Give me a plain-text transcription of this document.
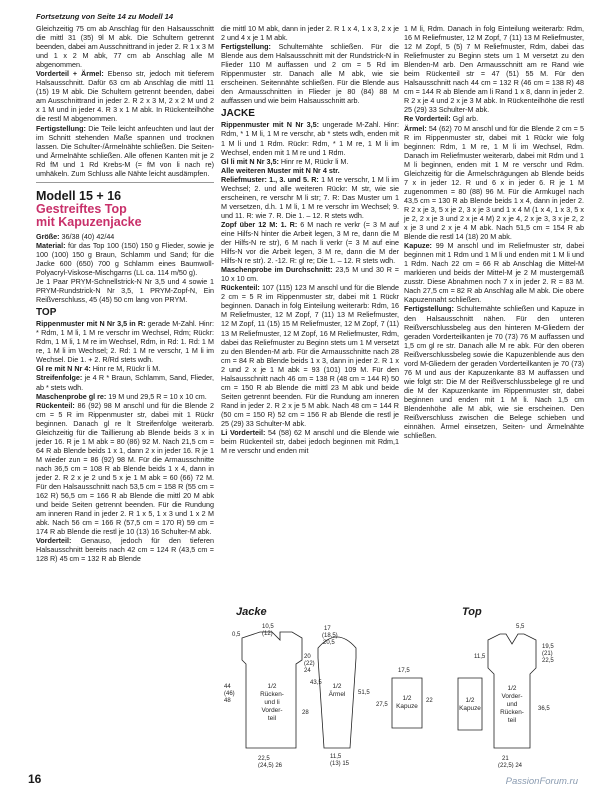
Fortsetzung von Seite 14 zu Modell 14

Gleichzeitig 75 cm ab Anschlag für den Halsausschnitt die mittl 31 (35) 9l M abk. Die Schultern getrennt beenden, dabei am Ausschnittrand in jeder 2. R 1 x 3 M und 1 x 2 M abk, 77 cm ab Anschlag alle M abgenommen.

Vorderteil + Ärmel: Ebenso str, jedoch mit tieferem Halsausschnitt. Dafür 63 cm ab Anschlag die mittl 11 (15) 19 M abk. Die Schultern getrennt beenden, dabei am Ausschnittrand in jeder 2. R 2 x 3 M, 2 x 2 M und 2 x 1 M und in jeder 4. R 3 x 1 M abk. In Rückenteilhöhe die restl M abgenommen.

Fertigstellung: Die Teile leicht anfeuchten und laut der im Schnitt stehenden Maße spannen und trocknen lassen. Die Schulter-/Ärmelnähte schließen. Die Seiten- und Ärmelnähte schließen. Alle offenen Kanten mit je 2 Rd fM und 1 Rd Krebs-M (= fM von li nach re) umhäkeln. Zum Schluss alle Nähte leicht ausdämpfen.

Modell 15 + 16
Gestreiftes Top
mit Kapuzenjacke

Größe: 36/38 (40) 42/44

Material: für das Top 100 (150) 150 g Flieder, sowie je 100 (100) 150 g Braun, Schlamm und Sand; für die Jacke 600 (650) 700 g Schlamm eines Baumwoll-Polyacryl-Viskose-Mischgarns (LL ca. 114 m/50 g).

Je 1 Paar PRYM-Schnellstrick-N Nr 3,5 und 4 sowie 1 PRYM-Rundstrick-N Nr 3,5, 1 PRYM-Zopf-N, Ein Reißverschluss, 45 (45) 50 cm lang von PRYM.

TOP

Rippenmuster mit N Nr 3,5 in R: gerade M-Zahl. Hinr: * Rdm, 1 M li, 1 M re verschr im Wechsel, Rdm; Rückr: Rdm, 1 M li, 1 M re im Wechsel, Rdm, in Rd: 1. Rd: 1 M re, 1 M li im Wechsel; 2. Rd: 1 M re verschr, 1 M li im Wechsel. Die 1. + 2. R/Rd stets wdh.

Gl re mit N Nr 4: Hinr re M, Rückr li M.

Streifenfolge: je 4 R * Braun, Schlamm, Sand, Flieder, ab * stets wdh.

Maschenprobe gl re: 19 M und 29,5 R = 10 x 10 cm.

Rückenteil: 86 (92) 98 M anschl und für die Blende 2 cm = 5 R im Rippenmuster str, dabei mit 1 Rückr beginnen. Danach gl re lt Streifenfolge weiterarb. Gleichzeitig für die Taillierung ab Blende beids 3 x in jeder 16. R je 1 M abk = 80 (86) 92 M. Nach 21,5 cm = 64 R ab Blende beids 1 x 1, dann 2 x in jeder 16. R je 1 M wieder zun = 86 (92) 98 M. Für die Armausschnitte nach 36,5 cm = 108 R ab Blende beids 1 x 4, dann in jeder 2. R 2 x je 2 und 5 x je 1 M abk = 60 (66) 72 M. Für den Halsausschnitt nach 53,5 cm = 158 R (55 cm = 162 R) 56,5 cm = 166 R ab Blende die mittl 20 M abk und beide Seiten getrennt beenden. Für die Rundung am inneren Rand in jeder 2. R 1 x 5, 1 x 3 und 1 x 2 M abk. Nach 56 cm = 166 R (57,5 cm = 170 R) 59 cm = 174 R ab Blende die restl je 10 (13) 16 Schulter-M abk.

Vorderteil: Genauso, jedoch für den tieferen Halsausschnitt bereits nach 42 cm = 124 R (43,5 cm = 128 R) 45 cm = 132 R ab Blende

die mittl 10 M abk, dann in jeder 2. R 1 x 4, 1 x 3, 2 x je 2 und 4 x je 1 M abk.

Fertigstellung: Schulternähte schließen. Für die Blende aus dem Halsausschnitt mit der Rundstrick-N in Flieder 110 M auffassen und 2 cm = 5 Rd im Rippenmuster str. Danach alle M abk, wie sie erscheinen. Seitennähte schließen. Für die Blende aus den Armausschnitten in Flieder je 80 (84) 88 M auffassen und wie beim Halsausschnitt arb.

JACKE

Rippenmuster mit N Nr 3,5: ungerade M-Zahl. Hinr: Rdm, * 1 M li, 1 M re verschr, ab * stets wdh, enden mit 1 M li und 1 Rdm. Rückr: Rdm, * 1 M re, 1 M li im Wechsel, enden mit 1 M re und 1 Rdm.

Gl li mit N Nr 3,5: Hinr re M, Rückr li M.

Alle weiteren Muster mit N Nr 4 str.

Reliefmuster: 1., 3. und 5. R: 1 M re verschr, 1 M li im Wechsel; 2. und alle weiteren Rückr: M str, wie sie erscheinen, re verschr M li str; 7. R: Das Muster um 1 M versetzen, d.h. 1 M li, 1 M re verschr im Wechsel; 9. und 11. R: wie 7. R. Die 1. – 12. R stets wdh.

Zopf über 12 M: 1. R: 6 M nach re verkr (= 3 M auf eine Hilfs-N hinter die Arbeit legen, 3 M re, dann die M der Hilfs-N re str), 6 M nach li verkr (= 3 M auf eine Hilfs-N vor die Arbeit legen, 3 M re, dann die M der Hilfs-N re str). 2. -12. R: gl re; Die 1. – 12. R stets wdh.

Maschenprobe im Durchschnitt: 23,5 M und 30 R = 10 x 10 cm.

Rückenteil: 107 (115) 123 M anschl und für die Blende 2 cm = 5 R im Rippenmuster str, dabei mit 1 Rückr beginnen. Danach in folg Einteilung weiterarb: Rdm, 16 M Reliefmuster, 12 M Zopf, 7 (11) 13 M Reliefmuster, 12 M Zopf, 11 (15) 15 M Reliefmuster, 12 M Zopf, 7 (11) 13 M Reliefmuster, 12 M Zopf, 16 M Reliefmuster, Rdm, dabei das Reliefmuster zu Beginn stets um 1 M versetzt zu den Blenden-M arb. Für die Armausschnitte nach 28 cm = 84 R ab Blende beids 1 x 3, dann in jeder 2. R 1 x 2 und 2 x je 1 M abk = 93 (101) 109 M. Für den Halsausschnitt nach 46 cm = 138 R (48 cm = 144 R) 50 cm = 150 R ab Blende die mittl 23 M abk und beide Seiten getrennt beenden. Für die Rundung am inneren Rand in jeder 2. R 2 x je 5 M abk. Nach 48 cm = 144 R (50 cm = 150 R) 52 cm = 156 R ab Blende die restl je 25 (29) 33 Schulter-M abk.

Li Vorderteil: 54 (58) 62 M anschl und die Blende wie beim Rückenteil str, dabei jedoch beginnen mit Rdm,1 M re verschr und enden mit

1 M li, Rdm. Danach in folg Einteilung weiterarb: Rdm, 16 M Reliefmuster, 12 M Zopf, 7 (11) 13 M Reliefmuster, 12 M Zopf, 5 (5) 7 M Reliefmuster, Rdm, dabei das Reliefmuster zu Beginn stets um 1 M versetzt zu den Blenden-M arb. Den Armausschnitt am re Rand wie beim Rückenteil str = 47 (51) 55 M. Für den Halsausschnitt nach 44 cm = 132 R (46 cm = 138 R) 48 cm = 144 R ab Blende am li Rand 1 x 8, dann in jeder 2. R 2 x je 4 und 2 x je 3 M abk. In Rückenteilhöhe die restl 25 (29) 33 Schulter-M abk.

Re Vorderteil: Ggl arb.

Ärmel: 54 (62) 70 M anschl und für die Blende 2 cm = 5 R im Rippenmuster str, dabei mit 1 Rückr wie folg beginnen: Rdm, 1 M re, 1 M li im Wechsel, Rdm. Danach im Reliefmuster weiterarb, dabei mit Rdm und 1 M li beginnen, enden mit 1 M re verschr und Rdm. Gleichzeitig für die Ärmelschrägungen ab Blende beids 7 x in jeder 12. R und 6 x in jeder 6. R je 1 M zugenommen = 80 (88) 96 M. Für die Armkugel nach 43,5 cm = 130 R ab Blende beids 1 x 4, dann in jeder 2. R 2 x je 3, 5 x je 2, 3 x je 3 und 1 x 4 M (1 x 4, 1 x 3, 5 x je 2, 2 x je 3 und 2 x je 4 M) 2 x je 4, 2 x je 3, 3 x je 2, 2 x je 3 und 2 x je 4 M abk. Nach 51,5 cm = 154 R ab Blende die restl 14 (18) 20 M abk.

Kapuze: 99 M anschl und im Reliefmuster str, dabei beginnen mit 1 Rdm und 1 M li und enden mit 1 M li und 1 Rdm. Nach 22 cm = 66 R ab Anschlag die Mittel-M markieren und beids der Mittel-M je 2 M mustergemäß zusstr. Diese Abnahmen noch 7 x in jeder 2. R = 83 M. Nach 27,5 cm = 82 R ab Anschlag alle M abk. Die obere Kapuzennaht schließen.

Fertigstellung: Schulternähte schließen und Kapuze in den Halsausschnitt nähen. Für den unteren Reißverschlussbeleg aus den hinteren M-Gliedern der geraden Vorderteilkanten je 70 (73) 76 M auffassen und 1,5 cm gl re str. Danach alle M re abk. Für den oberen Reißverschlussbeleg sowie die Kapuzenblende aus den vord M-Gliedern der geraden Vorderteilkanten je 70 (73) 76 M und aus der Kapuzenkante 83 M auffassen und wie folgt str: Die M der Reißverschlussbelege gl re und die M der Kapuzenkante im Rippenmuster str, dabei beginnen und enden mit 1 M li. Nach 1,5 cm Blendenhöhe alle M abk, wie sie erscheinen. Den Reißverschluss zwischen die Belege schieben und einnähen. Ärmel einsetzen, Seiten- und Ärmelnähte schließen.

Jacke	Top
0,5
10,5
(12)
20
(22)
24
44
(46)
48
28
22,5
(24,5) 26
17
(18,5)
20,5
43,5
51,5
11,5
(13) 15
17,5
27,5
22
5,5
11,5
19,5
(21)
22,5
36,5
21
(22,5) 24
1/2
Rücken-
und li
Vorder-
teil
1/2
Ärmel
1/2
Kapuze
1/2
Vorder-
und
Rücken-
teil
1/2
Kapuze
16	PassionForum.ru
